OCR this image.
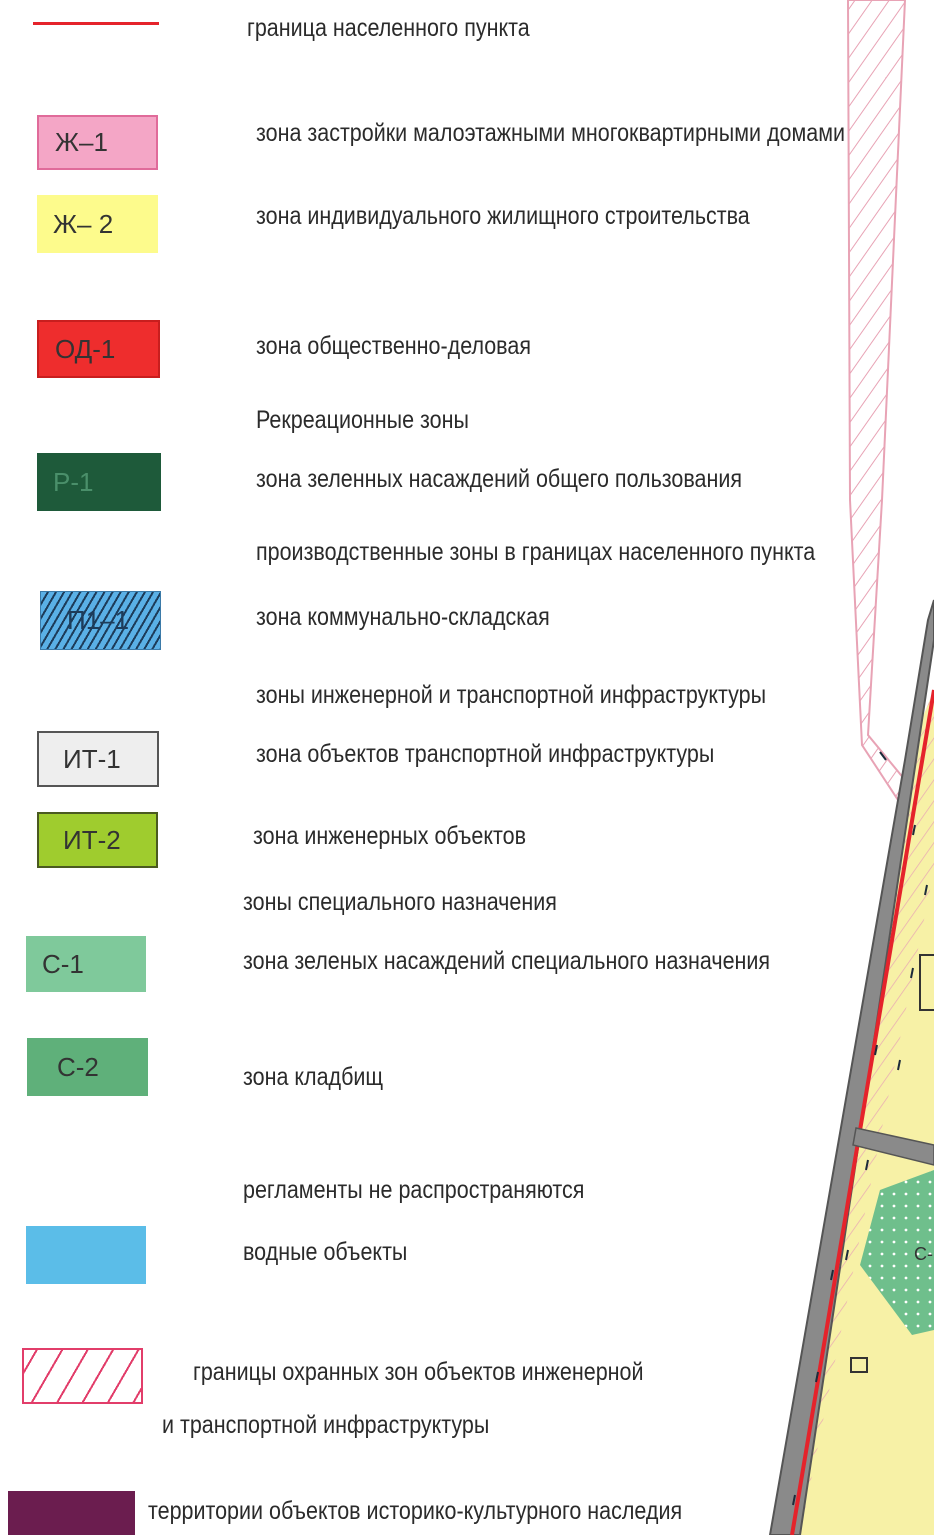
С-
граница населенного пункта
Ж–1	зона застройки малоэтажными многоквартирными домами
Ж– 2	зона индивидуального жилищного строительства
ОД-1	зона общественно-деловая
Рекреационные зоны
Р-1	зона зеленных насаждений общего пользования
производственные зоны в границах населенного пункта
П1–1	зона коммунально-складская
зоны инженерной и транспортной инфраструктуры
ИТ-1	зона объектов транспортной инфраструктуры
ИТ-2	зона инженерных объектов
зоны специального назначения
С-1	зона зеленых насаждений специального назначения
С-2	зона кладбищ
регламенты не распространяются
водные объекты
границы охранных зон объектов инженерной
и транспортной инфраструктуры
территории объектов историко-культурного наследия
